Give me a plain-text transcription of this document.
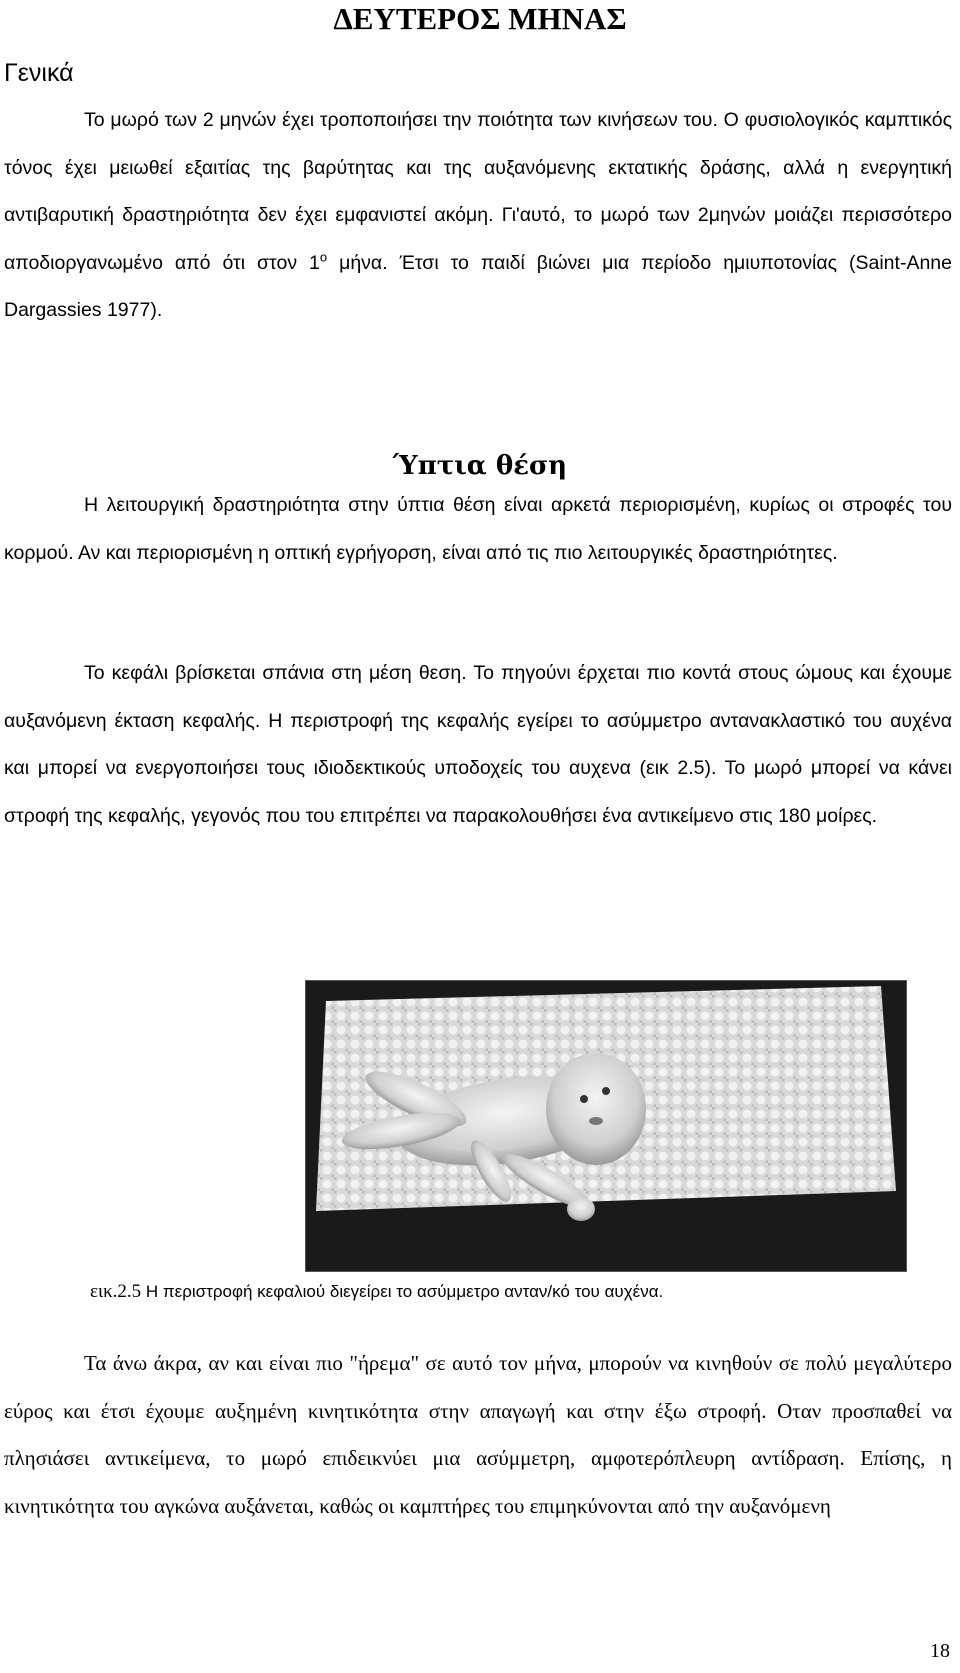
ΔΕΥΤΕΡΟΣ ΜΗΝΑΣ
Γενικά

Το μωρό των 2 μηνών έχει τροποποιήσει την ποιότητα των κινήσεων του. Ο φυσιολογικός καμπτικός τόνος έχει μειωθεί εξαιτίας της βαρύτητας και της αυξανόμενης εκτατικής δράσης, αλλά η ενεργητική αντιβαρυτική δραστηριότητα δεν έχει εμφανιστεί ακόμη. Γι'αυτό, το μωρό των 2μηνών μοιάζει περισσότερο αποδιοργανωμένο από ότι στον $1^o$ μήνα. Έτσι το παιδί βιώνει μια περίοδο ημιυποτονίας (Saint-Anne Dargassies 1977).

Ύπτια θέση

Η λειτουργική δραστηριότητα στην ύπτια θέση είναι αρκετά περιορισμένη, κυρίως οι στροφές του κορμού. Αν και περιορισμένη η οπτική εγρήγορση, είναι από τις πιο λειτουργικές δραστηριότητες.

Το κεφάλι βρίσκεται σπάνια στη μέση θεση. Το πηγούνι έρχεται πιο κοντά στους ώμους και έχουμε αυξανόμενη έκταση κεφαλής. Η περιστροφή της κεφαλής εγείρει το ασύμμετρο αντανακλαστικό του αυχένα και μπορεί να ενεργοποιήσει τους ιδιοδεκτικούς υποδοχείς του αυχενα (εικ 2.5). Το μωρό μπορεί να κάνει στροφή της κεφαλής, γεγονός που του επιτρέπει να παρακολουθήσει ένα αντικείμενο στις 180 μοίρες.

εικ.2.5 Η περιστροφή κεφαλιού διεγείρει το ασύμμετρο ανταν/κό του αυχένα.

Τα άνω άκρα, αν και είναι πιο "ήρεμα" σε αυτό τον μήνα, μπορούν να κινηθούν σε πολύ μεγαλύτερο εύρος και έτσι έχουμε αυξημένη κινητικότητα στην απαγωγή και στην έξω στροφή. Οταν προσπαθεί να πλησιάσει αντικείμενα, το μωρό επιδεικνύει μια ασύμμετρη, αμφοτερόπλευρη αντίδραση. Επίσης, η κινητικότητα του αγκώνα αυξάνεται, καθώς οι καμπτήρες του επιμηκύνονται από την αυξανόμενη

18
